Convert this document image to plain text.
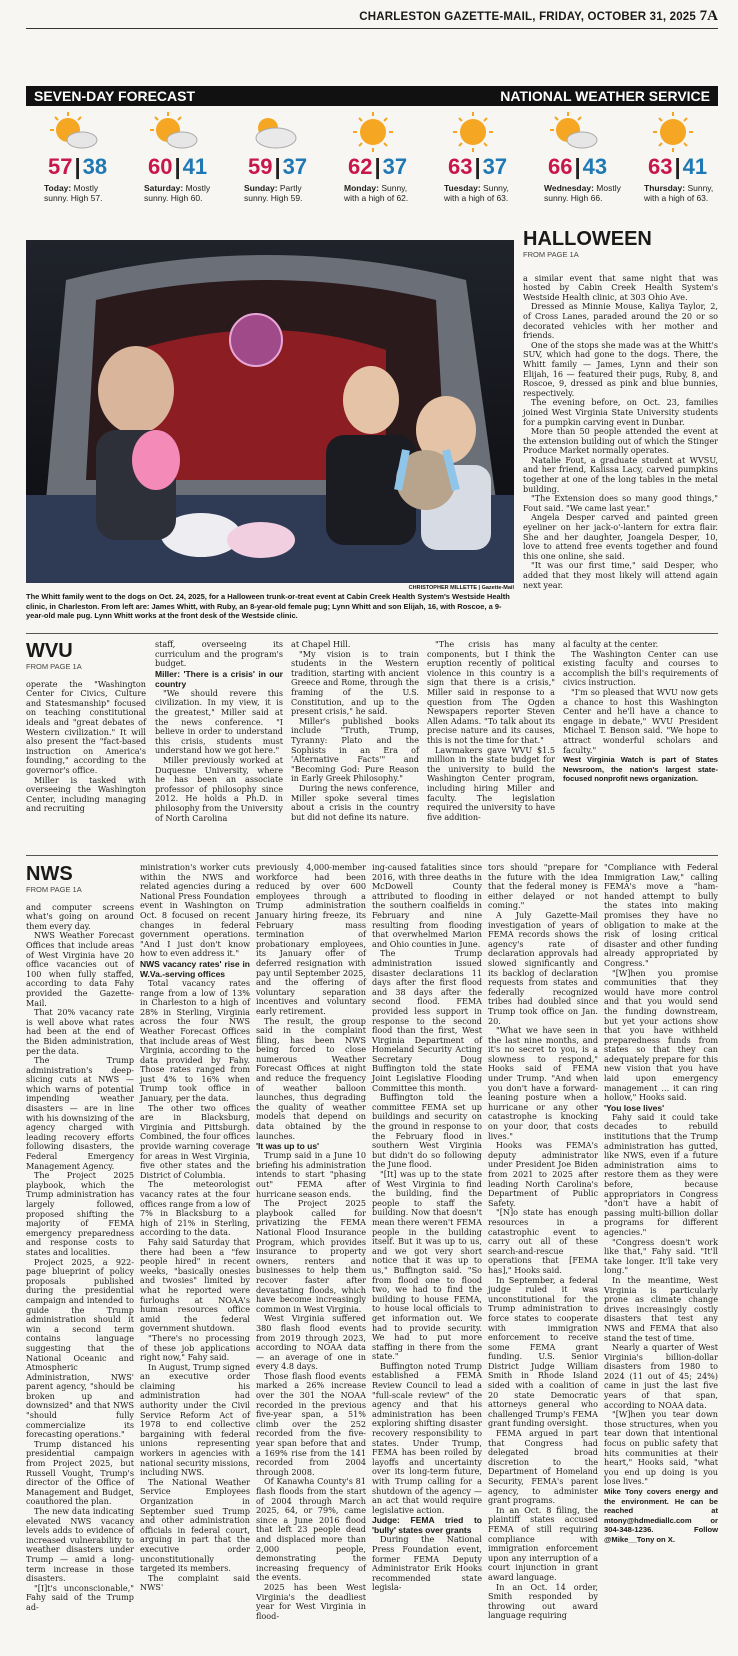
CHARLESTON GAZETTE-MAIL, FRIDAY, OCTOBER 31, 2025 7A
SEVEN-DAY FORECAST	NATIONAL WEATHER SERVICE
57|38
Today: Mostly sunny. High 57.
60|41
Saturday: Mostly sunny. High 60.
59|37
Sunday: Partly sunny. High 59.
62|37
Monday: Sunny, with a high of 62.
63|37
Tuesday: Sunny, with a high of 63.
66|43
Wednesday: Mostly sunny. High 66.
63|41
Thursday: Sunny, with a high of 63.
CHRISTOPHER MILLETTE | Gazette-Mail
The Whitt family went to the dogs on Oct. 24, 2025, for a Halloween trunk-or-treat event at Cabin Creek Health System's Westside Health clinic, in Charleston. From left are: James Whitt, with Ruby, an 8-year-old female pug; Lynn Whitt and son Elijah, 16, with Roscoe, a 9-year-old male pug. Lynn Whitt works at the front desk of the Westside clinic.
HALLOWEEN
FROM PAGE 1A

a similar event that same night that was hosted by Cabin Creek Health System's Westside Health clinic, at 303 Ohio Ave.

Dressed as Minnie Mouse, Kaliya Taylor, 2, of Cross Lanes, paraded around the 20 or so decorated vehicles with her mother and friends.

One of the stops she made was at the Whitt's SUV, which had gone to the dogs. There, the Whitt family — James, Lynn and their son Elijah, 16 — featured their pugs, Ruby, 8, and Roscoe, 9, dressed as pink and blue bunnies, respectively.

The evening before, on Oct. 23, families joined West Virginia State University students for a pumpkin carving event in Dunbar.

More than 50 people attended the event at the extension building out of which the Stinger Produce Market normally operates.

Natalie Fout, a graduate student at WVSU, and her friend, Kalissa Lacy, carved pumpkins together at one of the long tables in the metal building.

"The Extension does so many good things," Fout said. "We came last year."

Angela Desper carved and painted green eyeliner on her jack-o'-lantern for extra flair. She and her daughter, Joangela Desper, 10, love to attend free events together and found this one online, she said.

"It was our first time," said Desper, who added that they most likely will attend again next year.

WVU
FROM PAGE 1A

operate the "Washington Center for Civics, Culture and Statesmanship" focused on teaching constitutional ideals and "great debates of Western civilization." It will also present the "fact-based instruction on America's founding," according to the governor's office.

Miller is tasked with overseeing the Washington Center, including managing and recruiting

staff, overseeing its curriculum and the program's budget.

Miller: 'There is a crisis' in our country

"We should revere this civilization. In my view, it is the greatest," Miller said at the news conference. "I believe in order to understand this crisis, students must understand how we got here."

Miller previously worked at Duquesne University, where he has been an associate professor of philosophy since 2012. He holds a Ph.D. in philosophy from the University of North Carolina

at Chapel Hill.

"My vision is to train students in the Western tradition, starting with ancient Greece and Rome, through the framing of the U.S. Constitution, and up to the present crisis," he said.

Miller's published books include "Truth, Trump, Tyranny: Plato and the Sophists in an Era of 'Alternative Facts'" and "Becoming God: Pure Reason in Early Greek Philosophy."

During the news conference, Miller spoke several times about a crisis in the country but did not define its nature.

"The crisis has many components, but I think the eruption recently of political violence in this country is a sign that there is a crisis," Miller said in response to a question from The Ogden Newspapers reporter Steven Allen Adams. "To talk about its precise nature and its causes, this is not the time for that."

Lawmakers gave WVU $1.5 million in the state budget for the university to build the Washington Center program, including hiring Miller and faculty. The legislation required the university to have five addition-

al faculty at the center.

The Washington Center can use existing faculty and courses to accomplish the bill's requirements of civics instruction.

"I'm so pleased that WVU now gets a chance to host this Washington Center and he'll have a chance to engage in debate," WVU President Michael T. Benson said. "We hope to attract wonderful scholars and faculty."

West Virginia Watch is part of States Newsroom, the nation's largest state-focused nonprofit news organization.

NWS
FROM PAGE 1A

and computer screens what's going on around them every day.

NWS Weather Forecast Offices that include areas of West Virginia have 20 office vacancies out of 100 when fully staffed, according to data Fahy provided the Gazette-Mail.

That 20% vacancy rate is well above what rates had been at the end of the Biden administration, per the data.

The Trump administration's deep-slicing cuts at NWS — which warns of potential impending weather disasters — are in line with his downsizing of the agency charged with leading recovery efforts following disasters, the Federal Emergency Management Agency.

The Project 2025 playbook, which the Trump administration has largely followed, proposed shifting the majority of FEMA emergency preparedness and response costs to states and localities.

Project 2025, a 922-page blueprint of policy proposals published during the presidential campaign and intended to guide the Trump administration should it win a second term contains language suggesting that the National Oceanic and Atmospheric Administration, NWS' parent agency, "should be broken up and downsized" and that NWS "should fully commercialize its forecasting operations."

Trump distanced his presidential campaign from Project 2025, but Russell Vought, Trump's director of the Office of Management and Budget, coauthored the plan.

The new data indicating elevated NWS vacancy levels adds to evidence of increased vulnerability to weather disasters under Trump — amid a long-term increase in those disasters.

"[I]t's unconscionable," Fahy said of the Trump ad-

ministration's worker cuts within the NWS and related agencies during a National Press Foundation event in Washington on Oct. 8 focused on recent changes in federal government operations. "And I just don't know how to even address it."

NWS vacancy rates' rise in W.Va.-serving offices

Total vacancy rates range from a low of 13% in Charleston to a high of 28% in Sterling, Virginia across the four NWS Weather Forecast Offices that include areas of West Virginia, according to the data provided by Fahy. Those rates ranged from just 4% to 16% when Trump took office in January, per the data.

The other two offices are in Blacksburg, Virginia and Pittsburgh. Combined, the four offices provide warning coverage for areas in West Virginia, five other states and the District of Columbia.

The meteorologist vacancy rates at the four offices range from a low of 7% in Blacksburg to a high of 21% in Sterling, according to the data.

Fahy said Saturday that there had been a "few people hired" in recent weeks, "basically onesies and twosies" limited by what he reported were furloughs at NOAA's human resources office amid the federal government shutdown.

"There's no processing of these job applications right now," Fahy said.

In August, Trump signed an executive order claiming his administration had authority under the Civil Service Reform Act of 1978 to end collective bargaining with federal unions representing workers in agencies with national security missions, including NWS.

The National Weather Service Employees Organization in September sued Trump and other administration officials in federal court, arguing in part that the executive order unconstitutionally targeted its members.

The complaint said NWS'

previously 4,000-member workforce had been reduced by over 600 employees through a Trump administration January hiring freeze, its February mass termination of probationary employees, its January offer of deferred resignation with pay until September 2025, and the offering of voluntary separation incentives and voluntary early retirement.

The result, the group said in the complaint filing, has been NWS being forced to close numerous Weather Forecast Offices at night and reduce the frequency of weather balloon launches, thus degrading the quality of weather models that depend on data obtained by the launches.

'It was up to us'

Trump said in a June 10 briefing his administration intends to start "phasing out" FEMA after hurricane season ends.

The Project 2025 playbook called for privatizing the FEMA National Flood Insurance Program, which provides insurance to property owners, renters and businesses to help them recover faster after devastating floods, which have become increasingly common in West Virginia.

West Virginia suffered 380 flash flood events from 2019 through 2023, according to NOAA data — an average of one in every 4.8 days.

Those flash flood events marked a 26% increase over the 301 the NOAA recorded in the previous five-year span, a 51% climb over the 252 recorded from the five-year span before that and a 169% rise from the 141 recorded from 2004 through 2008.

Of Kanawha County's 81 flash floods from the start of 2004 through March 2025, 64, or 79%, came since a June 2016 flood that left 23 people dead and displaced more than 2,000 people, demonstrating the increasing frequency of the events.

2025 has been West Virginia's the deadliest year for West Virginia in flood-

ing-caused fatalities since 2016, with three deaths in McDowell County attributed to flooding in the southern coalfields in February and nine resulting from flooding that overwhelmed Marion and Ohio counties in June.

The Trump administration issued disaster declarations 11 days after the first flood and 38 days after the second flood. FEMA provided less support in response to the second flood than the first, West Virginia Department of Homeland Security Acting Secretary Doug Buffington told the state Joint Legislative Flooding Committee this month.

Buffington told the committee FEMA set up buildings and security on the ground in response to the February flood in southern West Virginia but didn't do so following the June flood.

"[It] was up to the state of West Virginia to find the building, find the people to staff the building. Now that doesn't mean there weren't FEMA people in the building itself. But it was up to us, and we got very short notice that it was up to us," Buffington said. "So from flood one to flood two, we had to find the building to house FEMA, to house local officials to get information out. We had to provide security. We had to put more staffing in there from the state."

Buffington noted Trump established a FEMA Review Council to lead a "full-scale review" of the agency and that his administration has been exploring shifting disaster recovery responsibility to states. Under Trump, FEMA has been roiled by layoffs and uncertainty over its long-term future, with Trump calling for a shutdown of the agency — an act that would require legislative action.

Judge: FEMA tried to 'bully' states over grants

During the National Press Foundation event, former FEMA Deputy Administrator Erik Hooks recommended state legisla-

tors should "prepare for the future with the idea that the federal money is either delayed or not coming."

A July Gazette-Mail investigation of years of FEMA records shows the agency's rate of declaration approvals had slowed significantly and its backlog of declaration requests from states and federally recognized tribes had doubled since Trump took office on Jan. 20.

"What we have seen in the last nine months, and it's no secret to you, is a slowness to respond," Hooks said of FEMA under Trump. "And when you don't have a forward-leaning posture when a hurricane or any other catastrophe is knocking on your door, that costs lives."

Hooks was FEMA's deputy administrator under President Joe Biden from 2021 to 2025 after leading North Carolina's Department of Public Safety.

"[N]o state has enough resources in a catastrophic event to carry out all of these search-and-rescue operations that [FEMA has]," Hooks said.

In September, a federal judge ruled it was unconstitutional for the Trump administration to force states to cooperate with immigration enforcement to receive some FEMA grant funding. U.S. Senior District Judge William Smith in Rhode Island sided with a coalition of 20 state Democratic attorneys general who challenged Trump's FEMA grant funding oversight.

FEMA argued in part that Congress had delegated broad discretion to the Department of Homeland Security, FEMA's parent agency, to administer grant programs.

In an Oct. 8 filing, the plaintiff states accused FEMA of still requiring compliance with immigration enforcement upon any interruption of a court injunction in grant award language.

In an Oct. 14 order, Smith responded by throwing out award language requiring

"Compliance with Federal Immigration Law," calling FEMA's move a "ham-handed attempt to bully the states into making promises they have no obligation to make at the risk of losing critical disaster and other funding already appropriated by Congress."

"[W]hen you promise communities that they would have more control and that you would send the funding downstream, but yet your actions show that you have withheld preparedness funds from states so that they can adequately prepare for this new vision that you have laid upon emergency management … it can ring hollow," Hooks said.

'You lose lives'

Fahy said it could take decades to rebuild institutions that the Trump administration has gutted, like NWS, even if a future administration aims to restore them as they were before, because appropriators in Congress "don't have a habit of passing multi-billion dollar programs for different agencies."

"Congress doesn't work like that," Fahy said. "It'll take longer. It'll take very long."

In the meantime, West Virginia is particularly prone as climate change drives increasingly costly disasters that test any NWS and FEMA that also stand the test of time.

Nearly a quarter of West Virginia's billion-dollar disasters from 1980 to 2024 (11 out of 45; 24%) came in just the last five years of that span, according to NOAA data.

"[W]hen you tear down those structures, when you tear down that intentional focus on public safety that hits communities at their heart," Hooks said, "what you end up doing is you lose lives."

Mike Tony covers energy and the environment. He can be reached at mtony@hdmediallc.com or 304-348-1236. Follow @Mike__Tony on X.
